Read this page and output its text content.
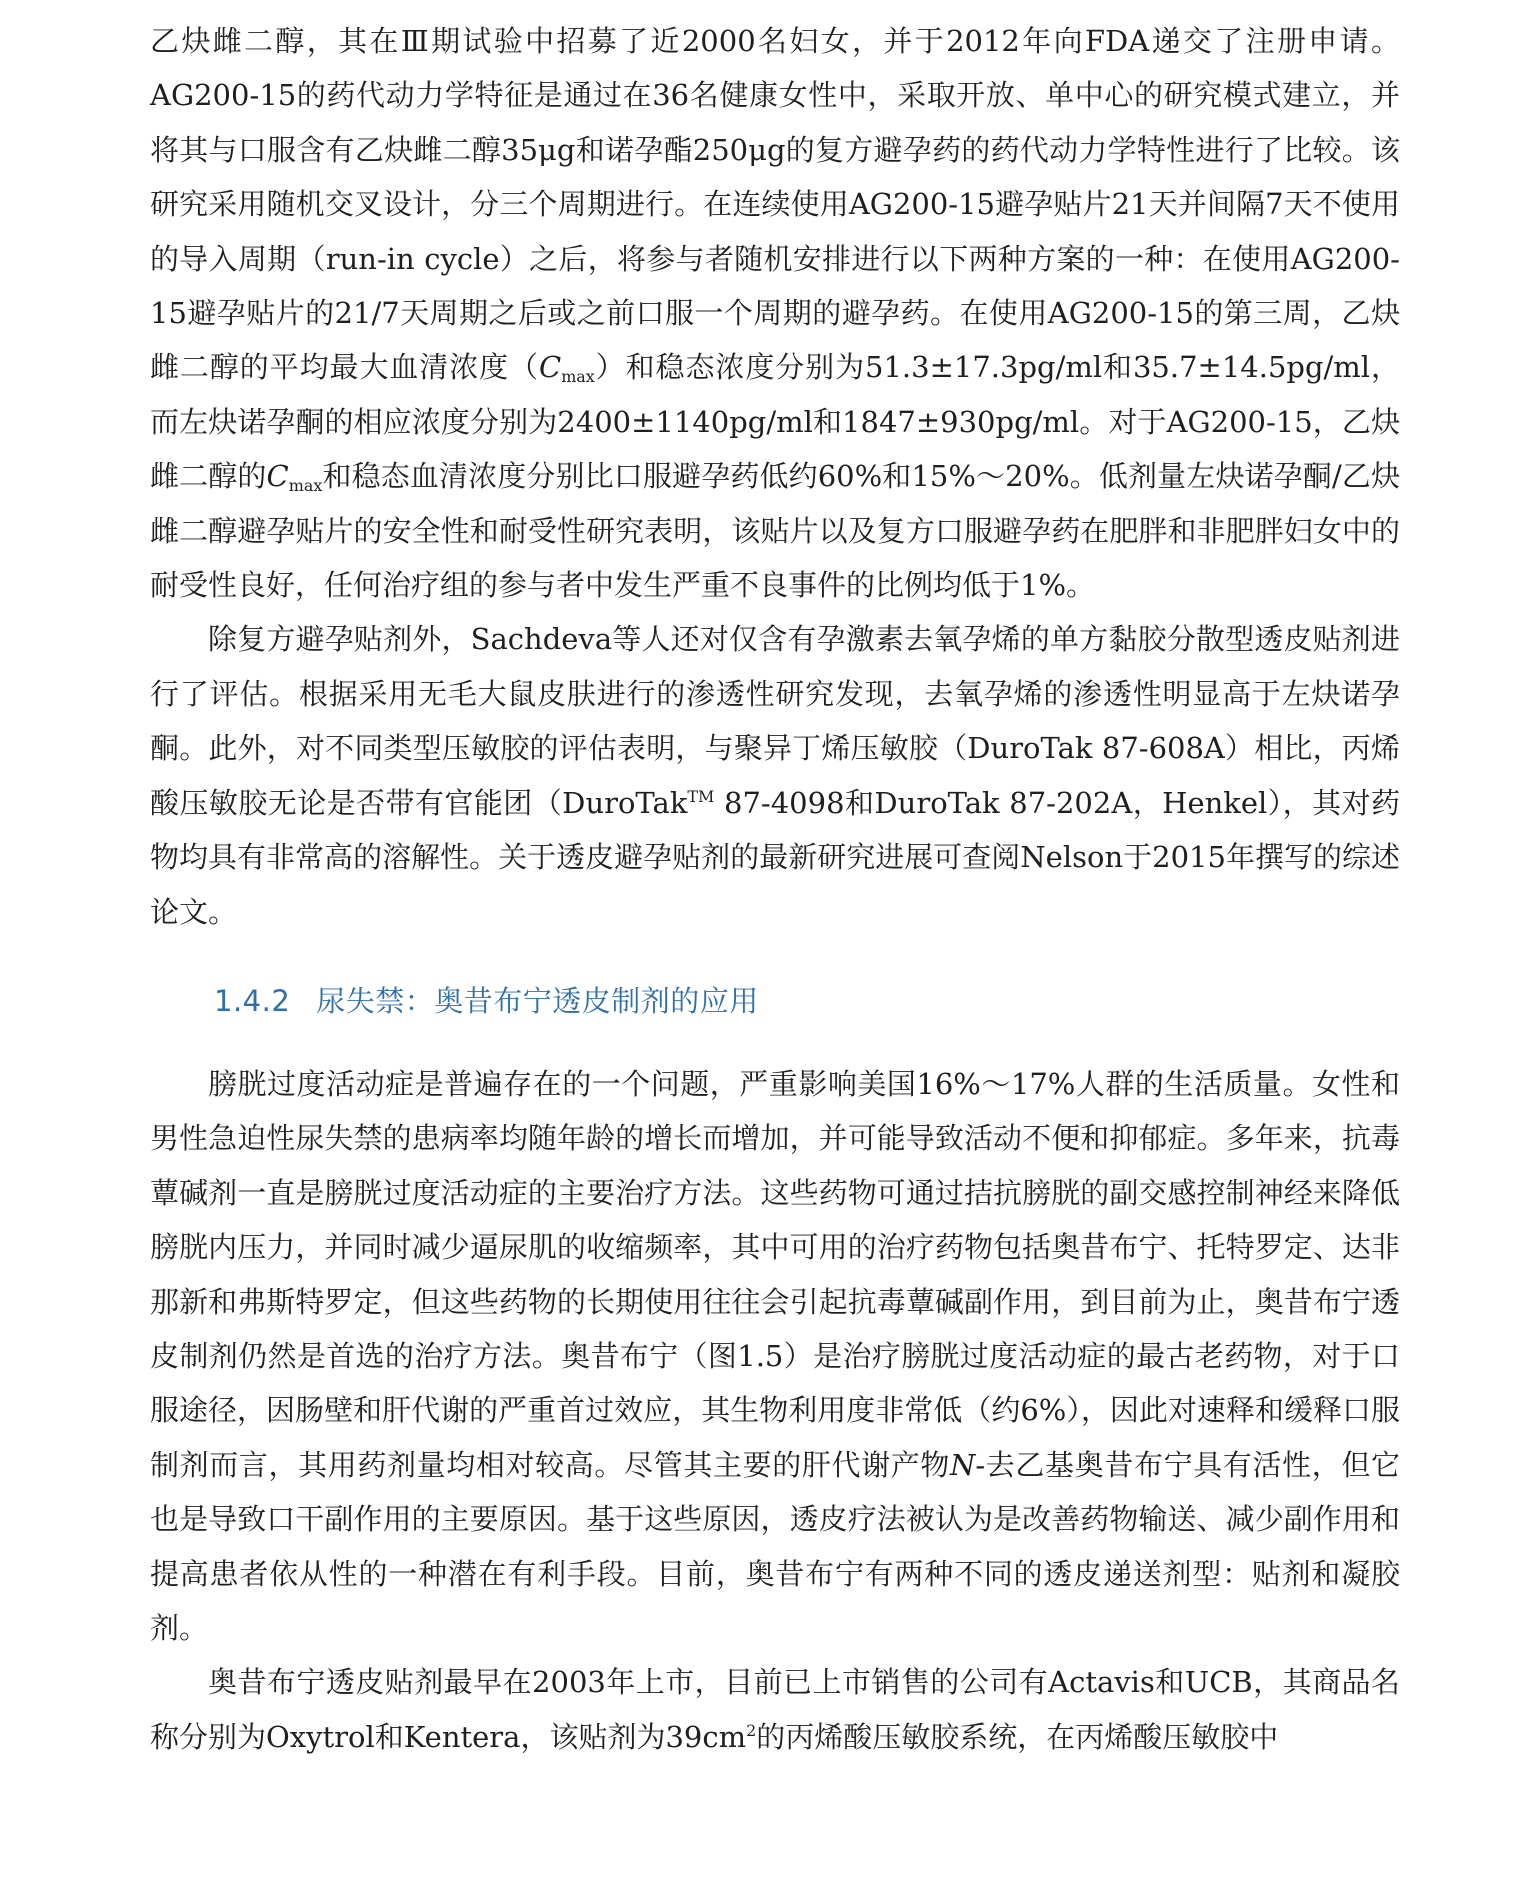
乙炔雌二醇，其在Ⅲ期试验中招募了近2000名妇女，并于2012年向FDA递交了注册申请。AG200-15的药代动力学特征是通过在36名健康女性中，采取开放、单中心的研究模式建立，并将其与口服含有乙炔雌二醇35μg和诺孕酯250μg的复方避孕药的药代动力学特性进行了比较。该研究采用随机交叉设计，分三个周期进行。在连续使用AG200-15避孕贴片21天并间隔7天不使用的导入周期（run-in cycle）之后，将参与者随机安排进行以下两种方案的一种：在使用AG200-15避孕贴片的21/7天周期之后或之前口服一个周期的避孕药。在使用AG200-15的第三周，乙炔雌二醇的平均最大血清浓度$(C_{max})$和稳态浓度分别为51.3±17.3pg/ml和35.7±14.5pg/ml，而左炔诺孕酮的相应浓度分别为2400±1140pg/ml和1847±930pg/ml。对于AG200-15，乙炔雌二醇的$C_{max}$和稳态血清浓度分别比口服避孕药低约60%和15%～20%。低剂量左炔诺孕酮/乙炔雌二醇避孕贴片的安全性和耐受性研究表明，该贴片以及复方口服避孕药在肥胖和非肥胖妇女中的耐受性良好，任何治疗组的参与者中发生严重不良事件的比例均低于1%。

除复方避孕贴剂外，Sachdeva等人还对仅含有孕激素去氧孕烯的单方黏胶分散型透皮贴剂进行了评估。根据采用无毛大鼠皮肤进行的渗透性研究发现，去氧孕烯的渗透性明显高于左炔诺孕酮。此外，对不同类型压敏胶的评估表明，与聚异丁烯压敏胶（DuroTak 87-608A）相比，丙烯酸压敏胶无论是否带有官能团（DuroTak™ 87-4098和DuroTak 87-202A，Henkel），其对药物均具有非常高的溶解性。关于透皮避孕贴剂的最新研究进展可查阅Nelson于2015年撰写的综述论文。

1.4.2 尿失禁：奥昔布宁透皮制剂的应用

膀胱过度活动症是普遍存在的一个问题，严重影响美国16%～17%人群的生活质量。女性和男性急迫性尿失禁的患病率均随年龄的增长而增加，并可能导致活动不便和抑郁症。多年来，抗毒蕈碱剂一直是膀胱过度活动症的主要治疗方法。这些药物可通过拮抗膀胱的副交感控制神经来降低膀胱内压力，并同时减少逼尿肌的收缩频率，其中可用的治疗药物包括奥昔布宁、托特罗定、达非那新和弗斯特罗定，但这些药物的长期使用往往会引起抗毒蕈碱副作用，到目前为止，奥昔布宁透皮制剂仍然是首选的治疗方法。奥昔布宁（图1.5）是治疗膀胱过度活动症的最古老药物，对于口服途径，因肠壁和肝代谢的严重首过效应，其生物利用度非常低（约6%），因此对速释和缓释口服制剂而言，其用药剂量均相对较高。尽管其主要的肝代谢产物N-去乙基奥昔布宁具有活性，但它也是导致口干副作用的主要原因。基于这些原因，透皮疗法被认为是改善药物输送、减少副作用和提高患者依从性的一种潜在有利手段。目前，奥昔布宁有两种不同的透皮递送剂型：贴剂和凝胶剂。

奥昔布宁透皮贴剂最早在2003年上市，目前已上市销售的公司有Actavis和UCB，其商品名称分别为Oxytrol和Kentera，该贴剂为$39cm^2$的丙烯酸压敏胶系统，在丙烯酸压敏胶中
